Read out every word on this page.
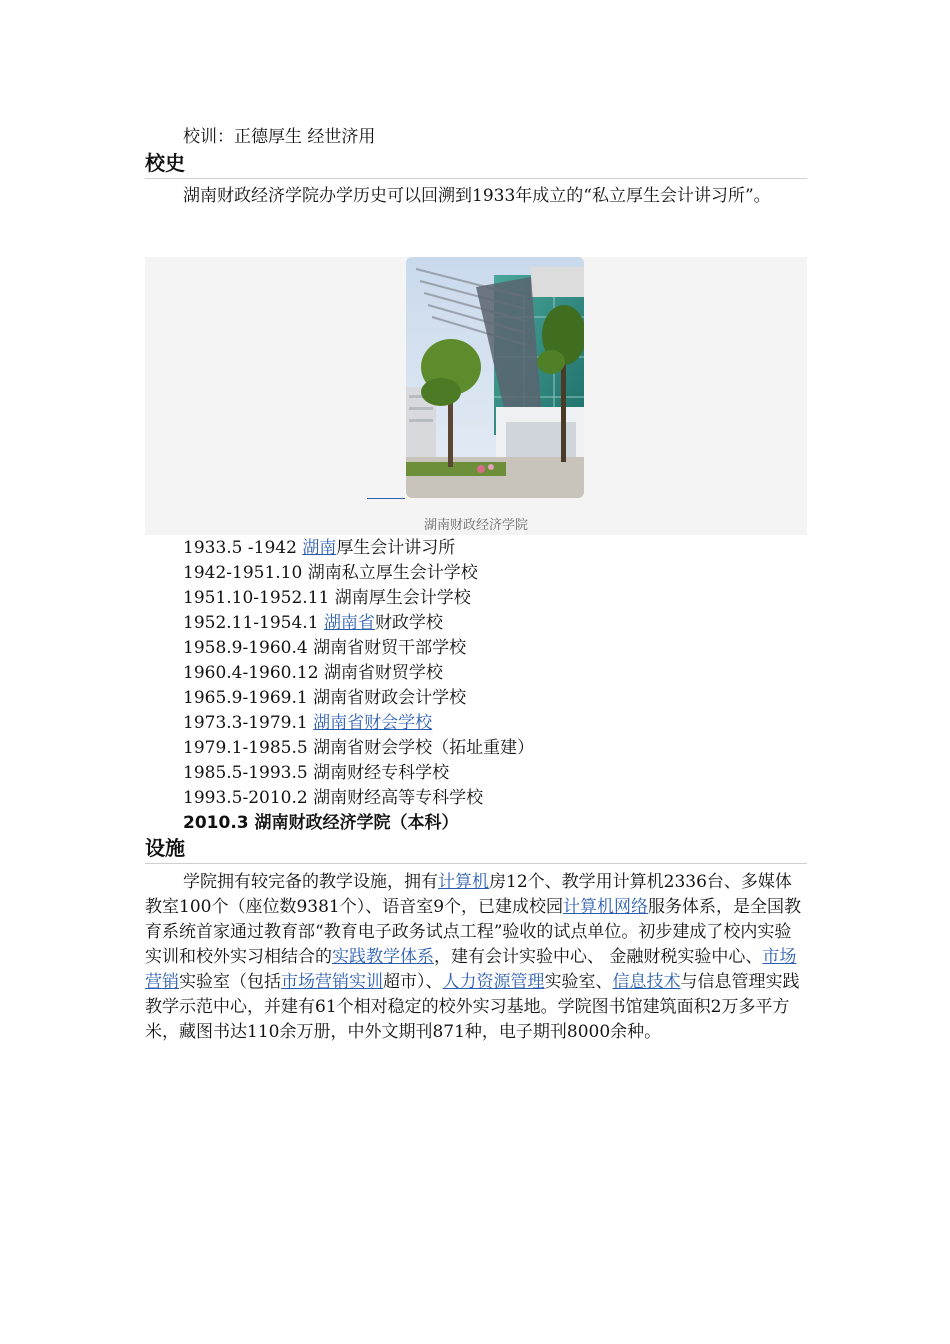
校训：正德厚生 经世济用

校史

湖南财政经济学院办学历史可以回溯到1933年成立的“私立厚生会计讲习所”。

湖南财政经济学院
1933.5 -1942 湖南厚生会计讲习所
1942-1951.10 湖南私立厚生会计学校
1951.10-1952.11 湖南厚生会计学校
1952.11-1954.1 湖南省财政学校
1958.9-1960.4 湖南省财贸干部学校
1960.4-1960.12 湖南省财贸学校
1965.9-1969.1 湖南省财政会计学校
1973.3-1979.1 湖南省财会学校
1979.1-1985.5 湖南省财会学校（拓址重建）
1985.5-1993.5 湖南财经专科学校
1993.5-2010.2 湖南财经高等专科学校
2010.3 湖南财政经济学院（本科）
设施

学院拥有较完备的教学设施，拥有计算机房12个、教学用计算机2336台、多媒体教室100个（座位数9381个）、语音室9个，已建成校园计算机网络服务体系，是全国教育系统首家通过教育部“教育电子政务试点工程”验收的试点单位。初步建成了校内实验实训和校外实习相结合的实践教学体系，建有会计实验中心、 金融财税实验中心、市场营销实验室（包括市场营销实训超市）、人力资源管理实验室、信息技术与信息管理实践教学示范中心，并建有61个相对稳定的校外实习基地。学院图书馆建筑面积2万多平方米，藏图书达110余万册，中外文期刊871种，电子期刊8000余种。
